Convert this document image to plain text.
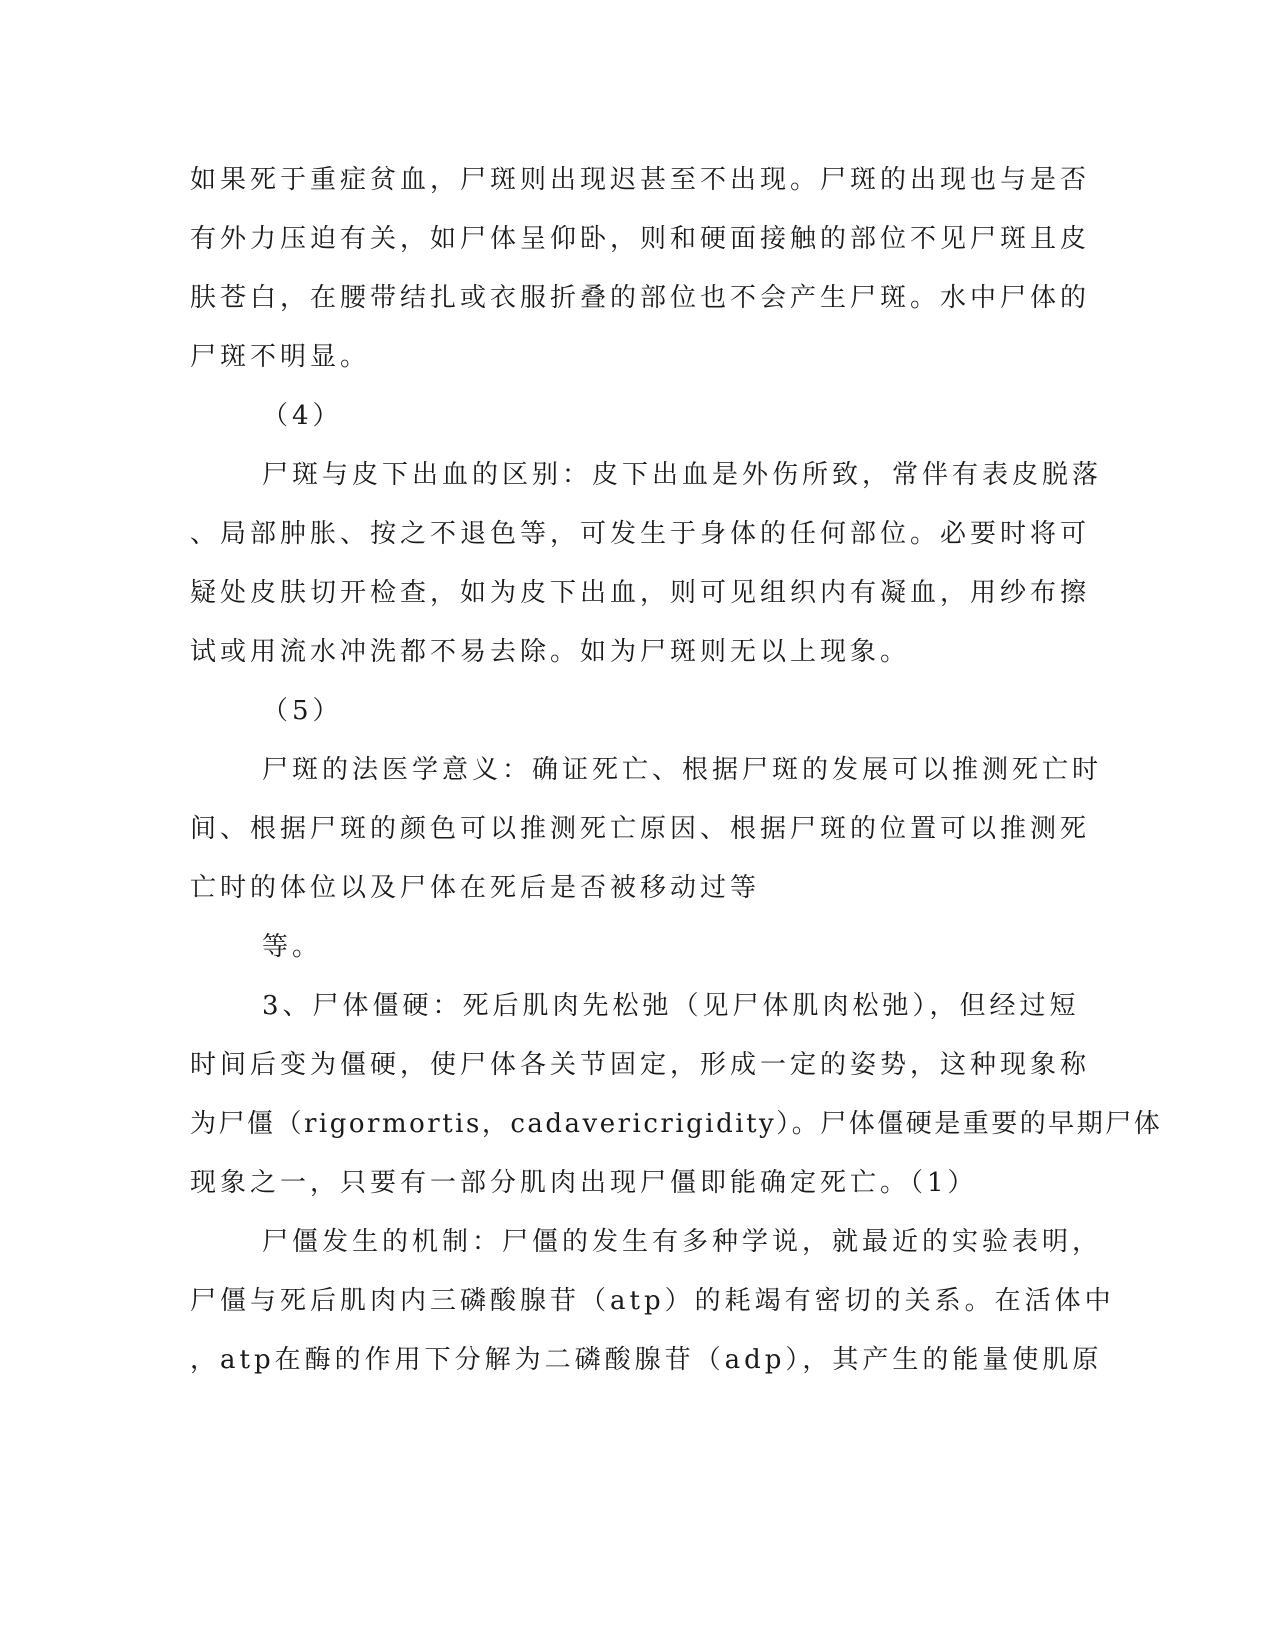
如果死于重症贫血，尸斑则出现迟甚至不出现。尸斑的出现也与是否
有外力压迫有关，如尸体呈仰卧，则和硬面接触的部位不见尸斑且皮
肤苍白，在腰带结扎或衣服折叠的部位也不会产生尸斑。水中尸体的
尸斑不明显。
（4）
尸斑与皮下出血的区别：皮下出血是外伤所致，常伴有表皮脱落
、局部肿胀、按之不退色等，可发生于身体的任何部位。必要时将可
疑处皮肤切开检查，如为皮下出血，则可见组织内有凝血，用纱布擦
试或用流水冲洗都不易去除。如为尸斑则无以上现象。
（5）
尸斑的法医学意义：确证死亡、根据尸斑的发展可以推测死亡时
间、根据尸斑的颜色可以推测死亡原因、根据尸斑的位置可以推测死
亡时的体位以及尸体在死后是否被移动过等
等。
3、尸体僵硬：死后肌肉先松弛（见尸体肌肉松弛），但经过短
时间后变为僵硬，使尸体各关节固定，形成一定的姿势，这种现象称
为尸僵（rigormortis，cadavericrigidity）。尸体僵硬是重要的早期尸体
现象之一，只要有一部分肌肉出现尸僵即能确定死亡。（1）
尸僵发生的机制：尸僵的发生有多种学说，就最近的实验表明，
尸僵与死后肌肉内三磷酸腺苷（atp）的耗竭有密切的关系。在活体中
，atp在酶的作用下分解为二磷酸腺苷（adp），其产生的能量使肌原
